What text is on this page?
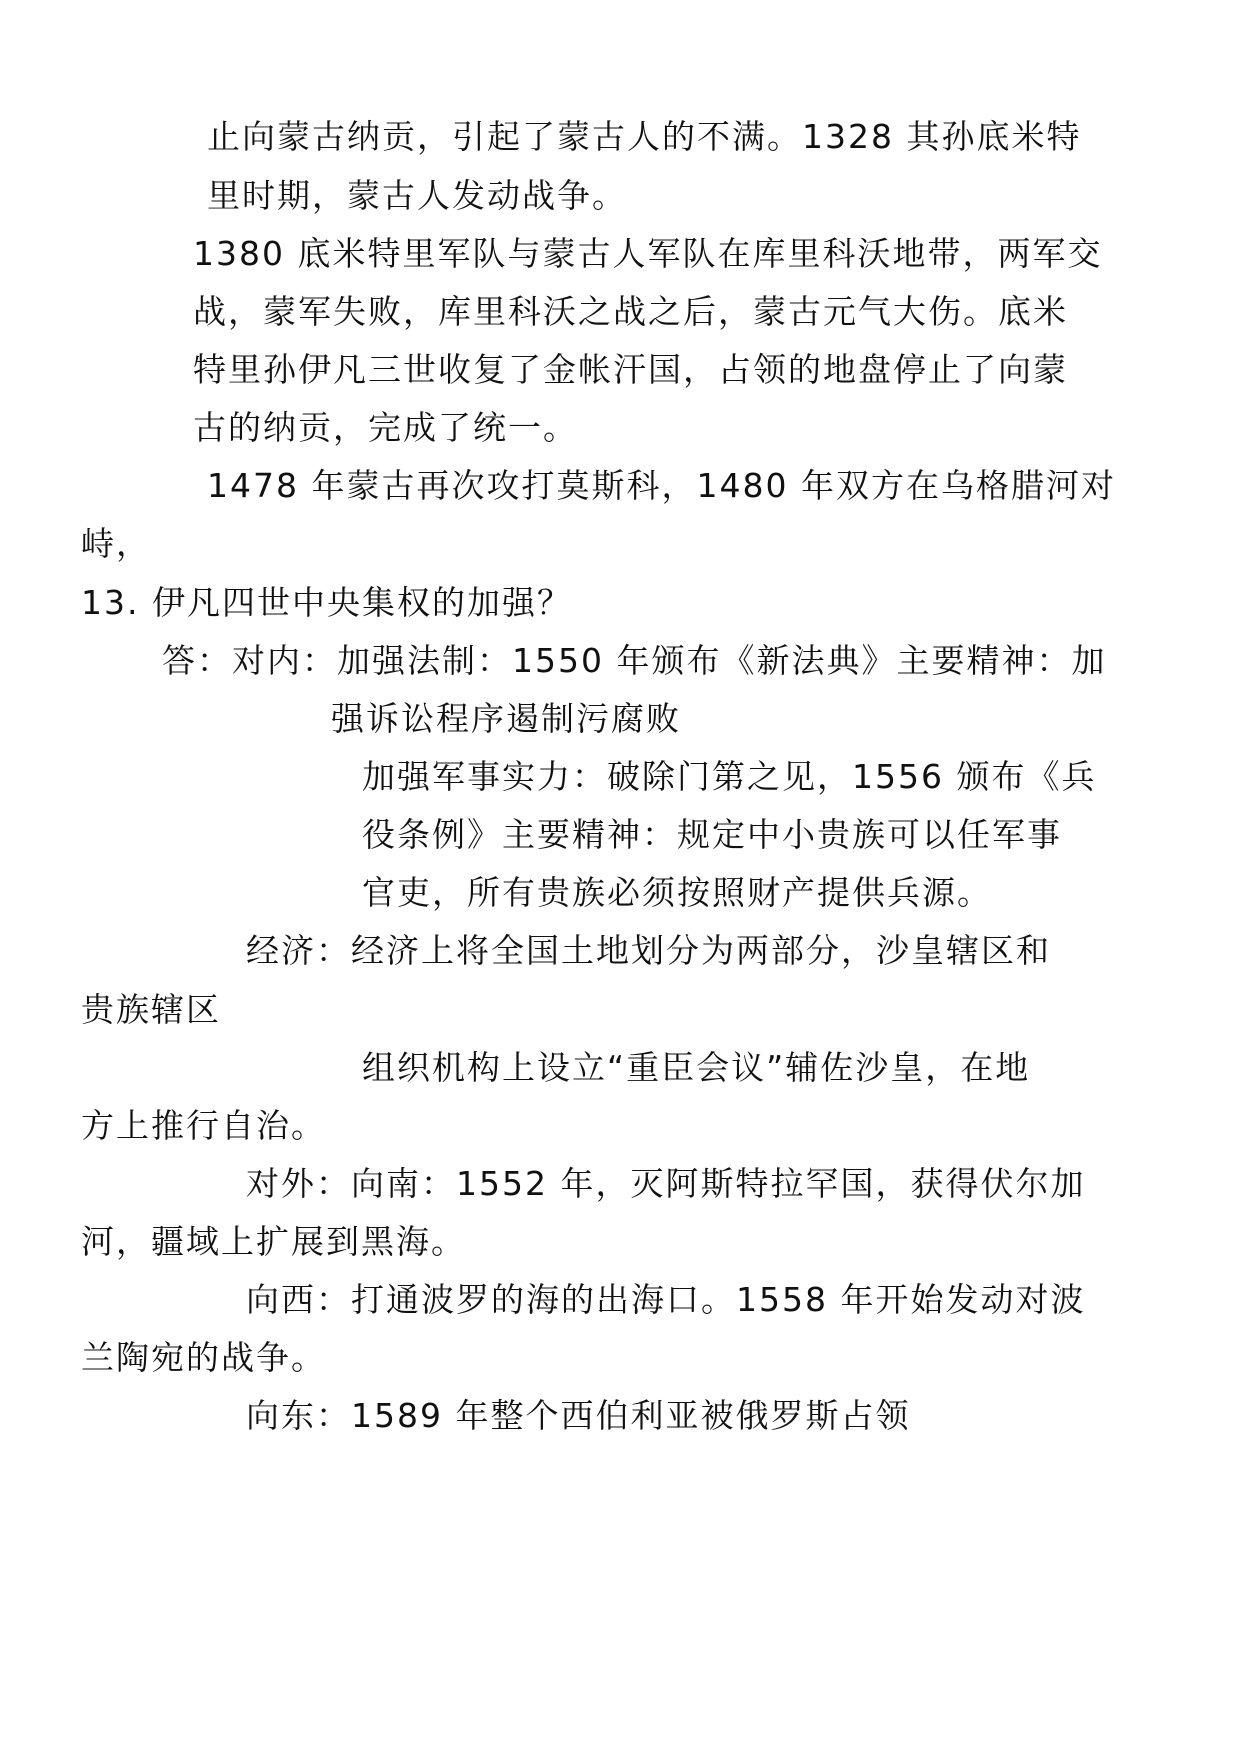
止向蒙古纳贡，引起了蒙古人的不满。1328 其孙底米特
里时期，蒙古人发动战争。
1380 底米特里军队与蒙古人军队在库里科沃地带，两军交
战，蒙军失败，库里科沃之战之后，蒙古元气大伤。底米
特里孙伊凡三世收复了金帐汗国，占领的地盘停止了向蒙
古的纳贡，完成了统一。
1478 年蒙古再次攻打莫斯科，1480 年双方在乌格腊河对
峙，
13. 伊凡四世中央集权的加强？
答：对内：加强法制：1550 年颁布《新法典》主要精神：加
强诉讼程序遏制污腐败
加强军事实力：破除门第之见，1556 颁布《兵
役条例》主要精神：规定中小贵族可以任军事
官吏，所有贵族必须按照财产提供兵源。
经济：经济上将全国土地划分为两部分，沙皇辖区和
贵族辖区
组织机构上设立“重臣会议”辅佐沙皇，在地
方上推行自治。
对外：向南：1552 年，灭阿斯特拉罕国，获得伏尔加
河，疆域上扩展到黑海。
向西：打通波罗的海的出海口。1558 年开始发动对波
兰陶宛的战争。
向东：1589 年整个西伯利亚被俄罗斯占领
